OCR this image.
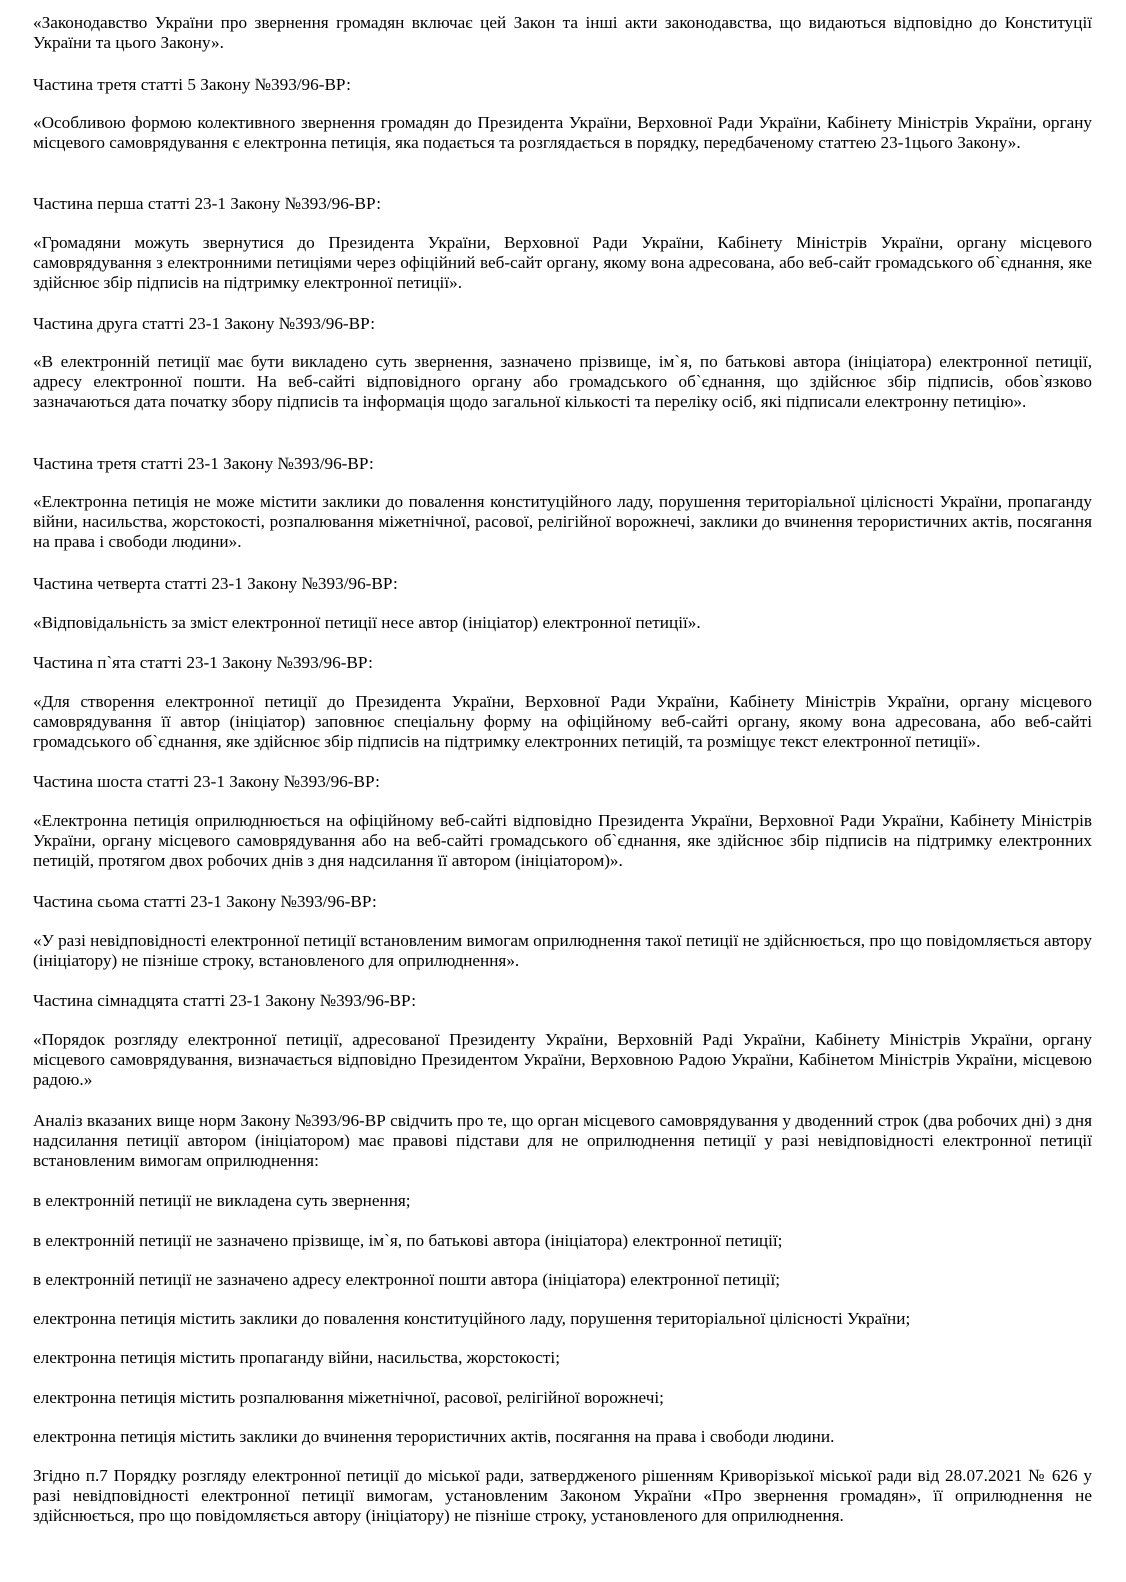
«Законодавство України про звернення громадян включає цей Закон та інші акти законодавства, що видаються відповідно до Конституції України та цього Закону».

Частина третя статті 5 Закону №393/96-ВР:

«Особливою формою колективного звернення громадян до Президента України, Верховної Ради України, Кабінету Міністрів України, органу місцевого самоврядування є електронна петиція, яка подається та розглядається в порядку, передбаченому статтею 23-1цього Закону».

Частина перша статті 23-1 Закону №393/96-ВР:

«Громадяни можуть звернутися до Президента України, Верховної Ради України, Кабінету Міністрів України, органу місцевого самоврядування з електронними петиціями через офіційний веб-сайт органу, якому вона адресована, або веб-сайт громадського об`єднання, яке здійснює збір підписів на підтримку електронної петиції».

Частина друга статті 23-1 Закону №393/96-ВР:

«В електронній петиції має бути викладено суть звернення, зазначено прізвище, ім`я, по батькові автора (ініціатора) електронної петиції, адресу електронної пошти. На веб-сайті відповідного органу або громадського об`єднання, що здійснює збір підписів, обов`язково зазначаються дата початку збору підписів та інформація щодо загальної кількості та переліку осіб, які підписали електронну петицію».

Частина третя статті 23-1 Закону №393/96-ВР:

«Електронна петиція не може містити заклики до повалення конституційного ладу, порушення територіальної цілісності України, пропаганду війни, насильства, жорстокості, розпалювання міжетнічної, расової, релігійної ворожнечі, заклики до вчинення терористичних актів, посягання на права і свободи людини».

Частина четверта статті 23-1 Закону №393/96-ВР:

«Відповідальність за зміст електронної петиції несе автор (ініціатор) електронної петиції».

Частина п`ята статті 23-1 Закону №393/96-ВР:

«Для створення електронної петиції до Президента України, Верховної Ради України, Кабінету Міністрів України, органу місцевого самоврядування її автор (ініціатор) заповнює спеціальну форму на офіційному веб-сайті органу, якому вона адресована, або веб-сайті громадського об`єднання, яке здійснює збір підписів на підтримку електронних петицій, та розміщує текст електронної петиції».

Частина шоста статті 23-1 Закону №393/96-ВР:

«Електронна петиція оприлюднюється на офіційному веб-сайті відповідно Президента України, Верховної Ради України, Кабінету Міністрів України, органу місцевого самоврядування або на веб-сайті громадського об`єднання, яке здійснює збір підписів на підтримку електронних петицій, протягом двох робочих днів з дня надсилання її автором (ініціатором)».

Частина сьома статті 23-1 Закону №393/96-ВР:

«У разі невідповідності електронної петиції встановленим вимогам оприлюднення такої петиції не здійснюється, про що повідомляється автору (ініціатору) не пізніше строку, встановленого для оприлюднення».

Частина сімнадцята статті 23-1 Закону №393/96-ВР:

«Порядок розгляду електронної петиції, адресованої Президенту України, Верховній Раді України, Кабінету Міністрів України, органу місцевого самоврядування, визначається відповідно Президентом України, Верховною Радою України, Кабінетом Міністрів України, місцевою радою.»

Аналіз вказаних вище норм Закону №393/96-ВР свідчить про те, що орган місцевого самоврядування у дводенний строк (два робочих дні) з дня надсилання петиції автором (ініціатором) має правові підстави для не оприлюднення петиції у разі невідповідності електронної петиції встановленим вимогам оприлюднення:

в електронній петиції не викладена суть звернення;

в електронній петиції не зазначено прізвище, ім`я, по батькові автора (ініціатора) електронної петиції;

в електронній петиції не зазначено адресу електронної пошти автора (ініціатора) електронної петиції;

електронна петиція містить заклики до повалення конституційного ладу, порушення територіальної цілісності України;

електронна петиція містить пропаганду війни, насильства, жорстокості;

електронна петиція містить розпалювання міжетнічної, расової, релігійної ворожнечі;

електронна петиція містить заклики до вчинення терористичних актів, посягання на права і свободи людини.

Згідно п.7 Порядку розгляду електронної петиції до міської ради, затвердженого рішенням Криворізької міської ради від 28.07.2021 № 626 у разі невідповідності електронної петиції вимогам, установленим Законом України «Про звернення громадян», її оприлюднення не здійснюється, про що повідомляється автору (ініціатору) не пізніше строку, установленого для оприлюднення.
